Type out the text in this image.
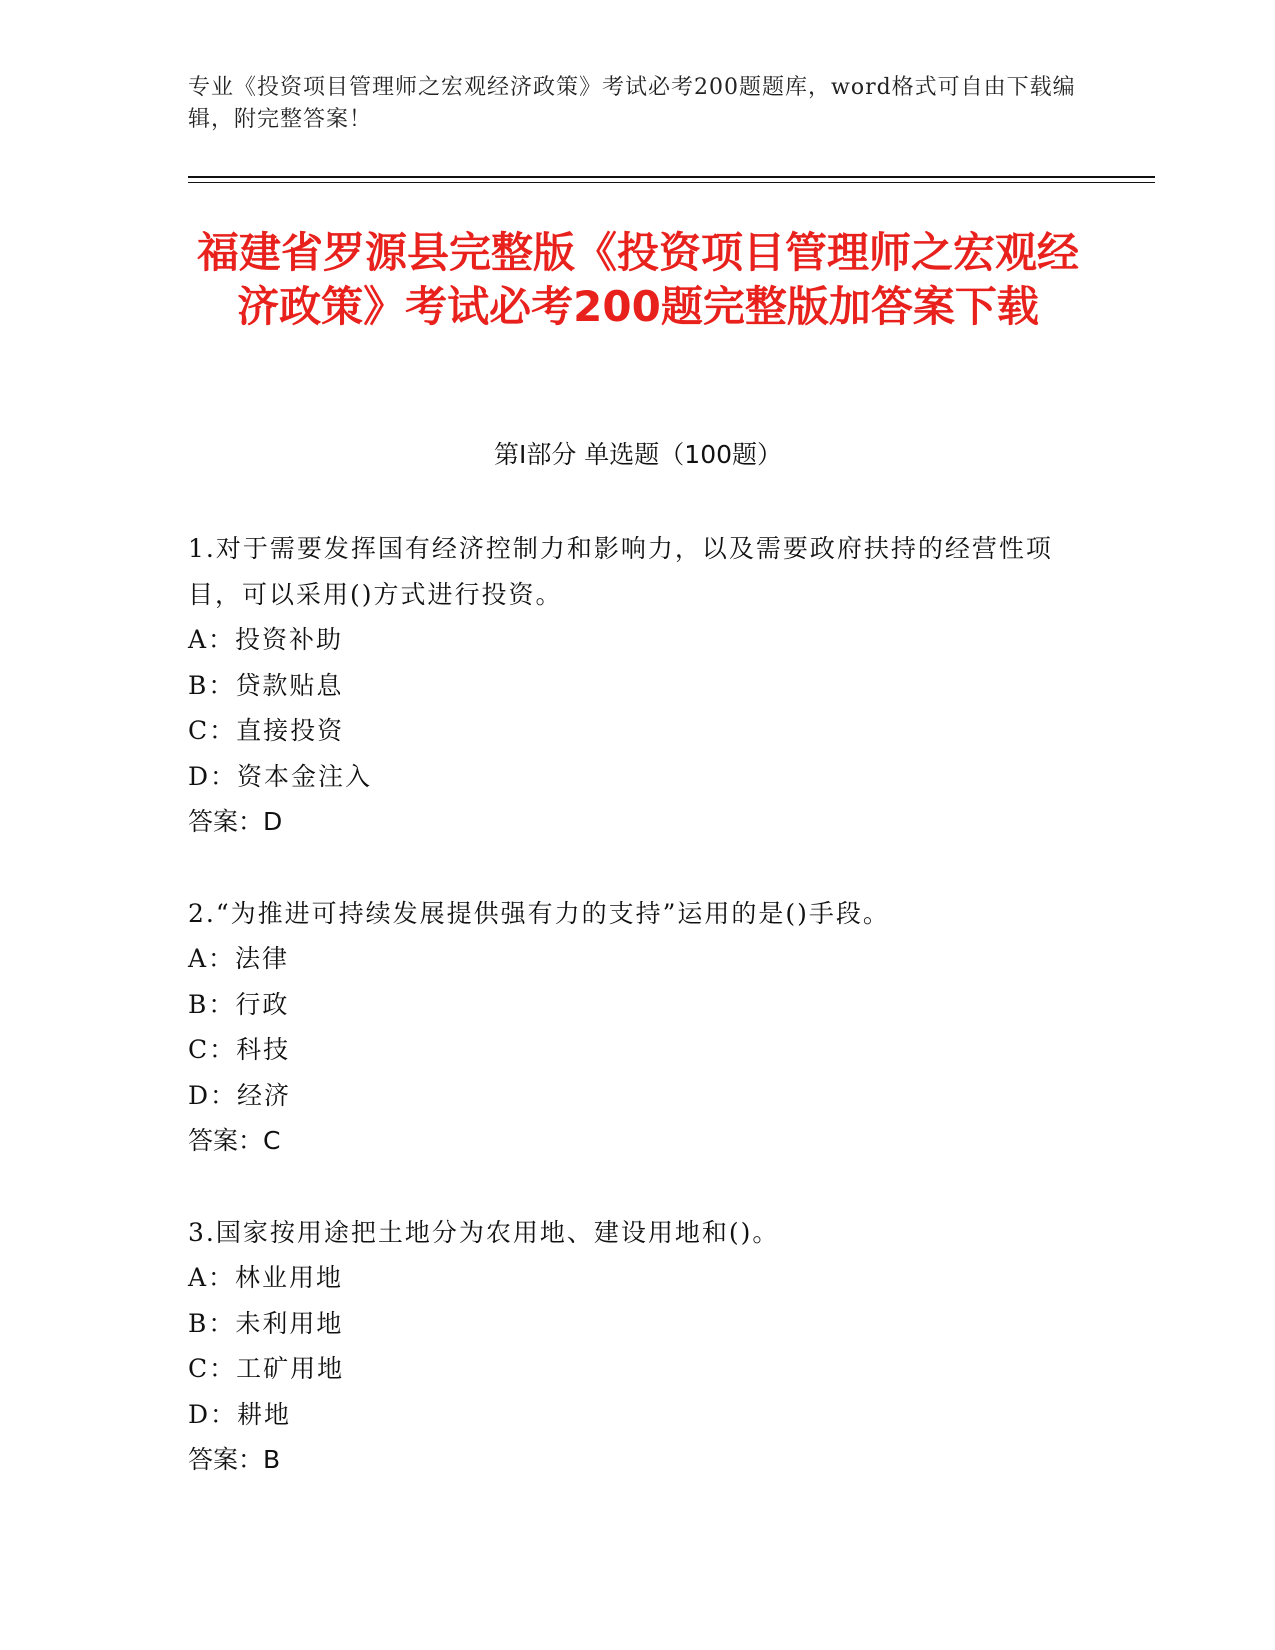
专业《投资项目管理师之宏观经济政策》考试必考200题题库，word格式可自由下载编辑，附完整答案！
福建省罗源县完整版《投资项目管理师之宏观经济政策》考试必考200题完整版加答案下载
第I部分 单选题（100题）
1.对于需要发挥国有经济控制力和影响力，以及需要政府扶持的经营性项目，可以采用()方式进行投资。
A：投资补助
B：贷款贴息
C：直接投资
D：资本金注入
答案：D
2.“为推进可持续发展提供强有力的支持”运用的是()手段。
A：法律
B：行政
C：科技
D：经济
答案：C
3.国家按用途把土地分为农用地、建设用地和()。
A：林业用地
B：未利用地
C：工矿用地
D：耕地
答案：B
